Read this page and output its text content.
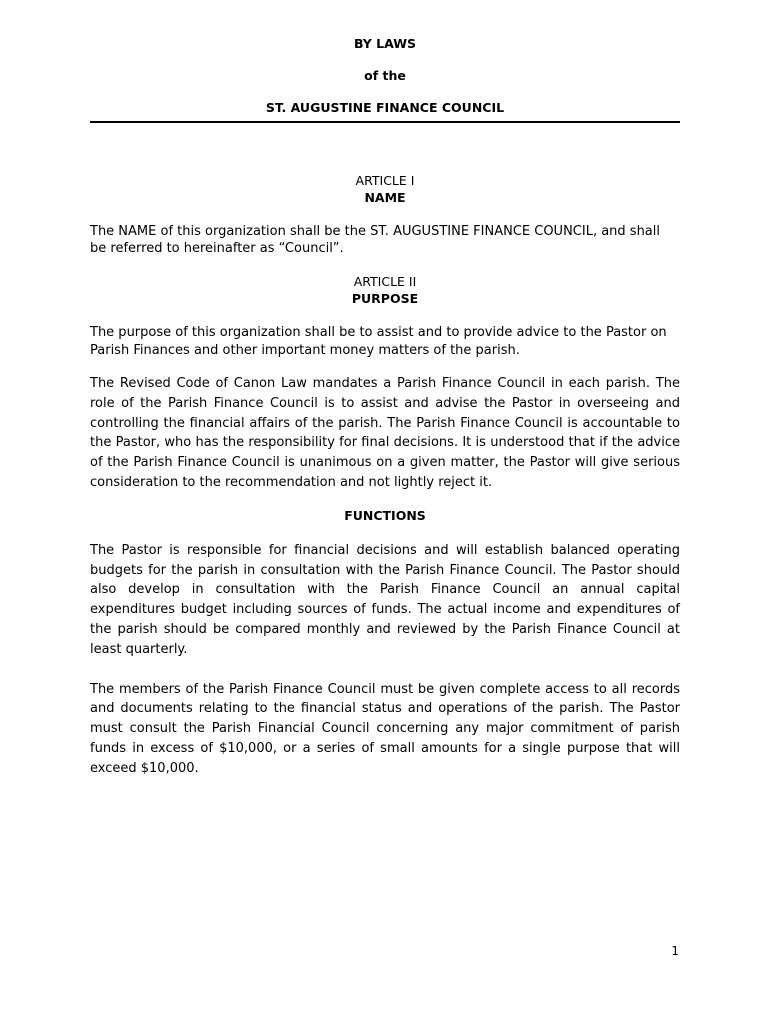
BY LAWS
of the
ST. AUGUSTINE FINANCE COUNCIL
ARTICLE I
NAME

The NAME of this organization shall be the ST. AUGUSTINE FINANCE COUNCIL, and shall be referred to hereinafter as “Council”.

ARTICLE II
PURPOSE

The purpose of this organization shall be to assist and to provide advice to the Pastor on Parish Finances and other important money matters of the parish.

The Revised Code of Canon Law mandates a Parish Finance Council in each parish. The role of the Parish Finance Council is to assist and advise the Pastor in overseeing and controlling the financial affairs of the parish. The Parish Finance Council is accountable to the Pastor, who has the responsibility for final decisions. It is understood that if the advice of the Parish Finance Council is unanimous on a given matter, the Pastor will give serious consideration to the recommendation and not lightly reject it.

FUNCTIONS

The Pastor is responsible for financial decisions and will establish balanced operating budgets for the parish in consultation with the Parish Finance Council. The Pastor should also develop in consultation with the Parish Finance Council an annual capital expenditures budget including sources of funds. The actual income and expenditures of the parish should be compared monthly and reviewed by the Parish Finance Council at least quarterly.

The members of the Parish Finance Council must be given complete access to all records and documents relating to the financial status and operations of the parish. The Pastor must consult the Parish Financial Council concerning any major commitment of parish funds in excess of $10,000, or a series of small amounts for a single purpose that will exceed $10,000.

1
